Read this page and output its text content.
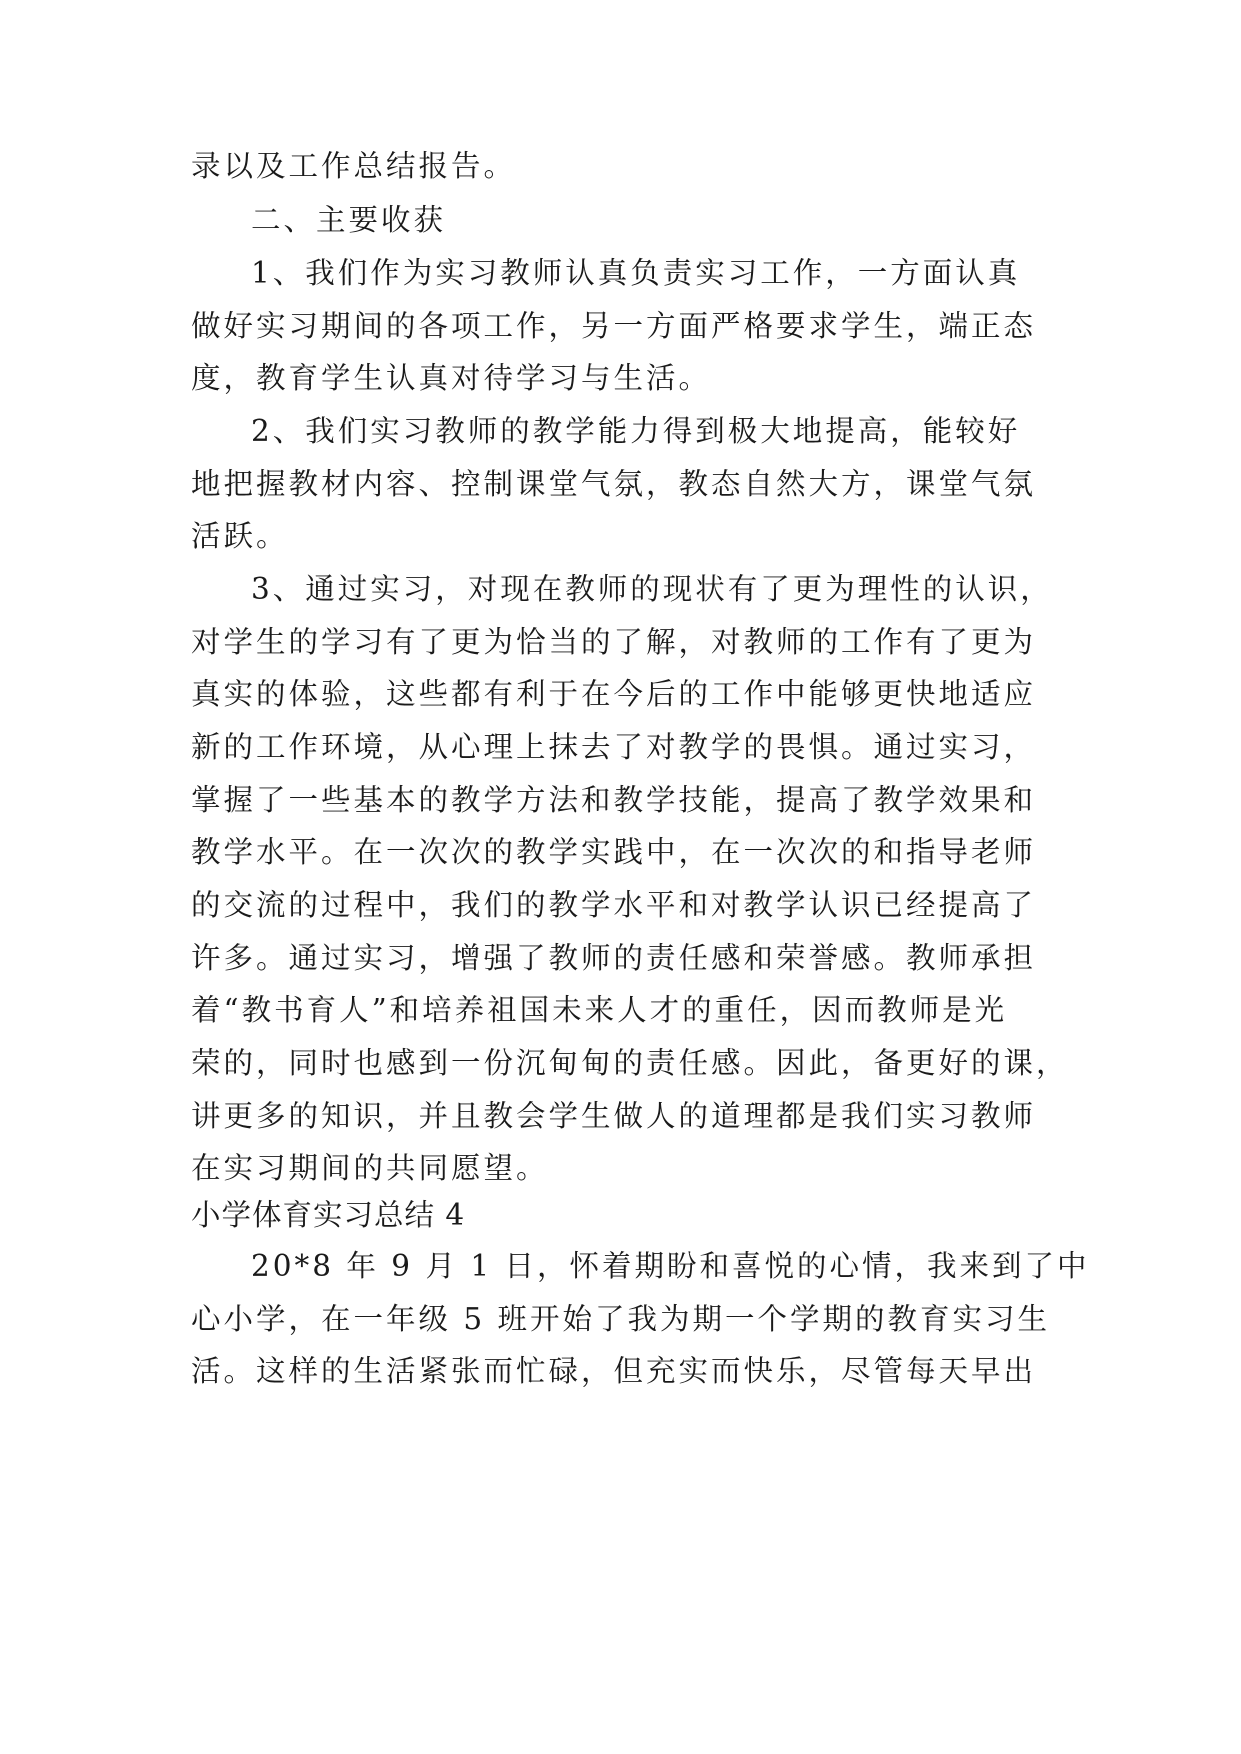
录以及工作总结报告。
二、主要收获
1、我们作为实习教师认真负责实习工作，一方面认真
做好实习期间的各项工作，另一方面严格要求学生，端正态
度，教育学生认真对待学习与生活。
2、我们实习教师的教学能力得到极大地提高，能较好
地把握教材内容、控制课堂气氛，教态自然大方，课堂气氛
活跃。
3、通过实习，对现在教师的现状有了更为理性的认识，
对学生的学习有了更为恰当的了解，对教师的工作有了更为
真实的体验，这些都有利于在今后的工作中能够更快地适应
新的工作环境，从心理上抹去了对教学的畏惧。通过实习，
掌握了一些基本的教学方法和教学技能，提高了教学效果和
教学水平。在一次次的教学实践中，在一次次的和指导老师
的交流的过程中，我们的教学水平和对教学认识已经提高了
许多。通过实习，增强了教师的责任感和荣誉感。教师承担
着“教书育人”和培养祖国未来人才的重任，因而教师是光
荣的，同时也感到一份沉甸甸的责任感。因此，备更好的课，
讲更多的知识，并且教会学生做人的道理都是我们实习教师
在实习期间的共同愿望。
小学体育实习总结 4
20*8 年 9 月 1 日，怀着期盼和喜悦的心情，我来到了中
心小学，在一年级 5 班开始了我为期一个学期的教育实习生
活。这样的生活紧张而忙碌，但充实而快乐，尽管每天早出
